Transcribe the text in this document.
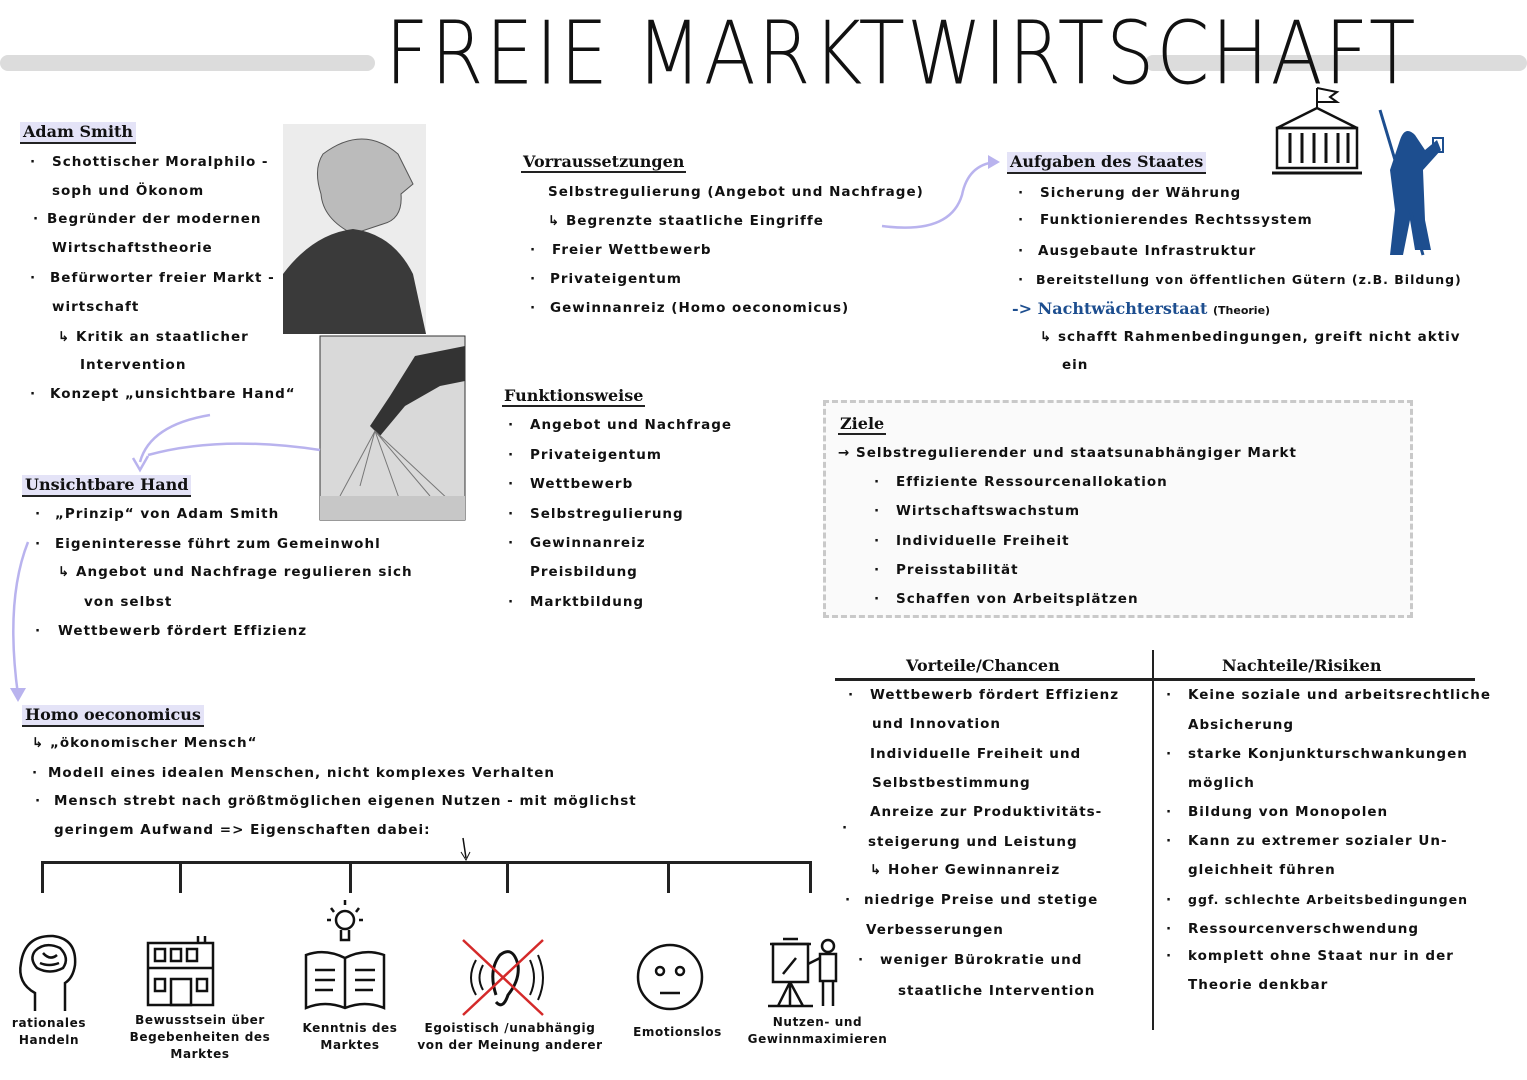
FREIE MARKTWIRTSCHAFT
Adam Smith
· Schottischer Moralphilo -
soph und Ökonom
· Begründer der modernen
Wirtschaftstheorie
· Befürworter freier Markt -
wirtschaft
↳ Kritik an staatlicher
Intervention
· Konzept „unsichtbare Hand“
Vorraussetzungen
Selbstregulierung (Angebot und Nachfrage)
↳ Begrenzte staatliche Eingriffe
· Freier Wettbewerb
· Privateigentum
· Gewinnanreiz (Homo oeconomicus)
Aufgaben des Staates
· Sicherung der Währung
· Funktionierendes Rechtssystem
· Ausgebaute Infrastruktur
· Bereitstellung von öffentlichen Gütern (z.B. Bildung)
-> Nachtwächterstaat (Theorie)
↳ schafft Rahmenbedingungen, greift nicht aktiv
ein
Funktionsweise
· Angebot und Nachfrage
· Privateigentum
· Wettbewerb
· Selbstregulierung
· Gewinnanreiz
Preisbildung
· Marktbildung
Ziele
→ Selbstregulierender und staatsunabhängiger Markt
· Effiziente Ressourcenallokation
· Wirtschaftswachstum
· Individuelle Freiheit
· Preisstabilität
· Schaffen von Arbeitsplätzen
Unsichtbare Hand
· „Prinzip“ von Adam Smith
· Eigeninteresse führt zum Gemeinwohl
↳ Angebot und Nachfrage regulieren sich
von selbst
· Wettbewerb fördert Effizienz
Homo oeconomicus
↳ „ökonomischer Mensch“
· Modell eines idealen Menschen, nicht komplexes Verhalten
· Mensch strebt nach größtmöglichen eigenen Nutzen - mit möglichst
geringem Aufwand => Eigenschaften dabei:
rationales Handeln
Bewusstsein über Begebenheiten des Marktes
Kenntnis des Marktes
Egoistisch /unabhängig von der Meinung anderer
Emotionslos
Nutzen- und Gewinnmaximieren
Vorteile/Chancen	Nachteile/Risiken
· Wettbewerb fördert Effizienz
und Innovation
Individuelle Freiheit und
Selbstbestimmung
Anreize zur Produktivitäts-
·
steigerung und Leistung
↳ Hoher Gewinnanreiz
· niedrige Preise und stetige
Verbesserungen
· weniger Bürokratie und
staatliche Intervention
· Keine soziale und arbeitsrechtliche
Absicherung
· starke Konjunkturschwankungen
möglich
· Bildung von Monopolen
· Kann zu extremer sozialer Un-
gleichheit führen
· ggf. schlechte Arbeitsbedingungen
· Ressourcenverschwendung
· komplett ohne Staat nur in der
Theorie denkbar
